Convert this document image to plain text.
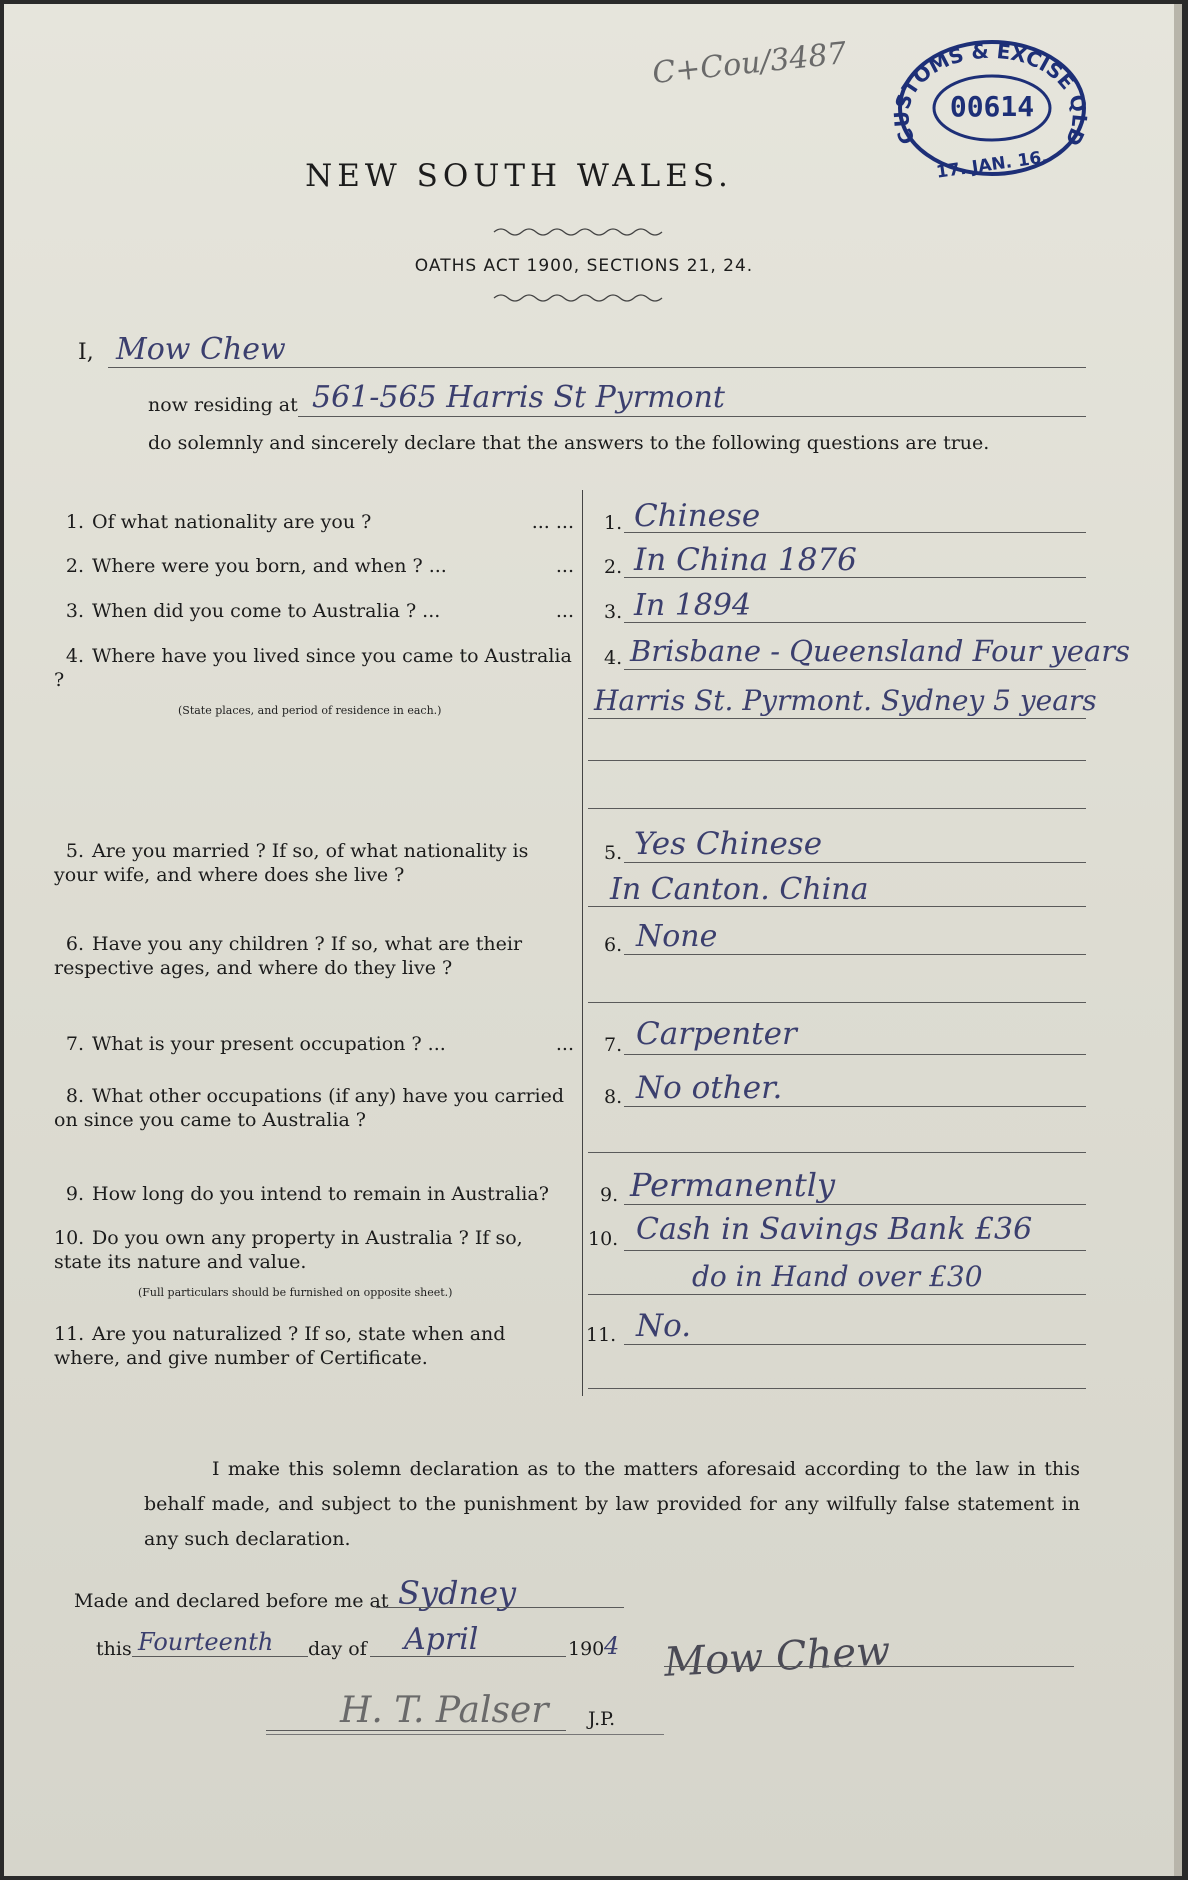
C+Cou/3487
C STOMS & EXCISE QLD
00614
17. JAN. 16.
NEW SOUTH WALES.
OATHS ACT 1900, SECTIONS 21, 24.
I, Mow Chew
now residing at 561-565 Harris St Pyrmont
do solemnly and sincerely declare that the answers to the following questions are true.
1. Of what nationality are you ?	... ... 1. Chinese
2. Where were you born, and when ? ...	... 2. In China 1876
3. When did you come to Australia ? ...	... 3. In 1894
4. Where have you lived since you came to Australia ?
(State places, and period of residence in each.)
4. Brisbane - Queensland Four years
Harris St. Pyrmont. Sydney 5 years
5. Are you married ? If so, of what nationality is your wife, and where does she live ?
5. Yes Chinese
In Canton. China
6. Have you any children ? If so, what are their respective ages, and where do they live ?
6. None
7. What is your present occupation ? ...	... 7. Carpenter
8. What other occupations (if any) have you carried on since you came to Australia ?
8. No other.
9. How long do you intend to remain in Australia?	9. Permanently
10. Do you own any property in Australia ? If so, state its nature and value.
(Full particulars should be furnished on opposite sheet.)
10. Cash in Savings Bank £36
do in Hand over £30
11. Are you naturalized ? If so, state when and where, and give number of Certificate.
11. No.
I make this solemn declaration as to the matters aforesaid according to the law in this behalf made, and subject to the punishment by law provided for any wilfully false statement in any such declaration.
Made and declared before me at Sydney
this Fourteenth day of April	190 4 Mow Chew
H. T. Palser J.P.
